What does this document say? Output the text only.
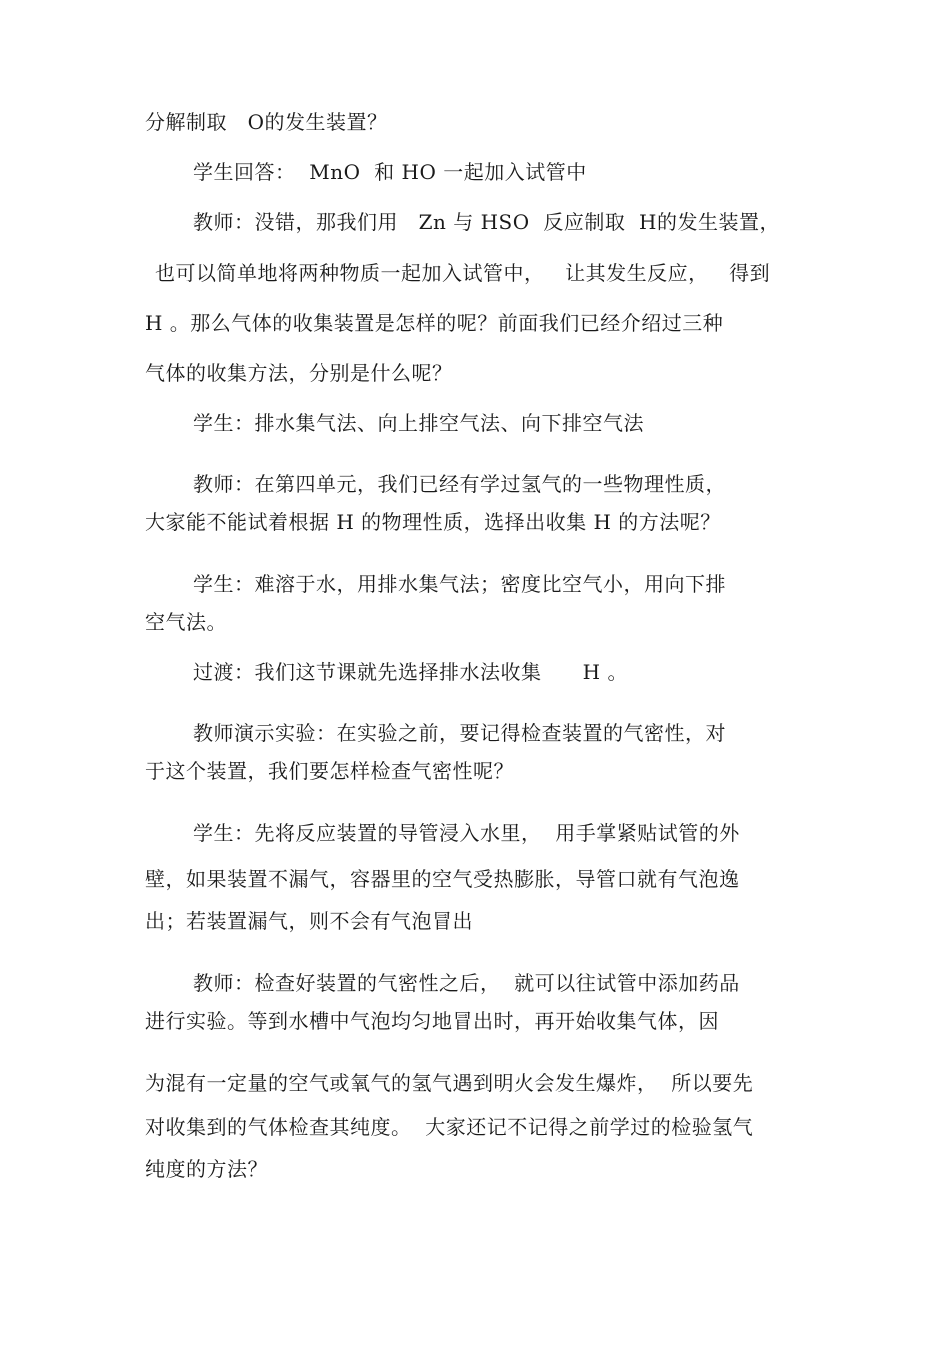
分解制取   O的发生装置？
学生回答：  MnO  和 HO 一起加入试管中
教师：没错，那我们用   Zn 与 HSO  反应制取  H的发生装置，
也可以简单地将两种物质一起加入试管中，   让其发生反应，   得到
H 。那么气体的收集装置是怎样的呢？前面我们已经介绍过三种
气体的收集方法，分别是什么呢？
学生：排水集气法、向上排空气法、向下排空气法
教师：在第四单元，我们已经有学过氢气的一些物理性质，
大家能不能试着根据 H 的物理性质，选择出收集 H 的方法呢？
学生：难溶于水，用排水集气法；密度比空气小，用向下排
空气法。
过渡：我们这节课就先选择排水法收集      H 。
教师演示实验：在实验之前，要记得检查装置的气密性，对
于这个装置，我们要怎样检查气密性呢？
学生：先将反应装置的导管浸入水里，  用手掌紧贴试管的外
壁，如果装置不漏气，容器里的空气受热膨胀，导管口就有气泡逸
出；若装置漏气，则不会有气泡冒出
教师：检查好装置的气密性之后，  就可以往试管中添加药品
进行实验。等到水槽中气泡均匀地冒出时，再开始收集气体，因
为混有一定量的空气或氧气的氢气遇到明火会发生爆炸，  所以要先
对收集到的气体检查其纯度。  大家还记不记得之前学过的检验氢气
纯度的方法？
